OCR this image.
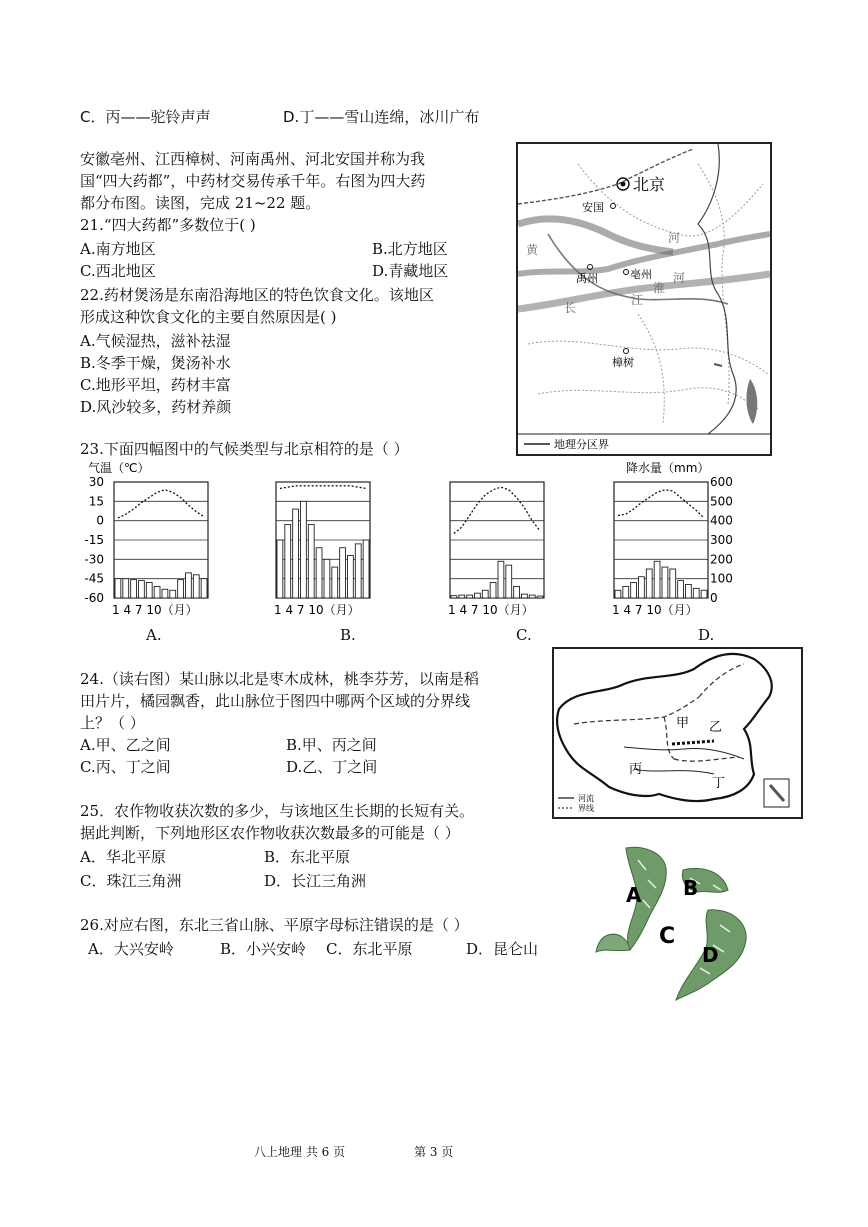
C．丙——驼铃声声	D.丁——雪山连绵，冰川广布
安徽亳州、江西樟树、河南禹州、河北安国并称为我
国“四大药都”，中药材交易传承千年。右图为四大药
都分布图。读图，完成 21~22 题。
21.“四大药都”多数位于( )
A.南方地区	B.北方地区
C.西北地区	D.青藏地区
22.药材煲汤是东南沿海地区的特色饮食文化。该地区
形成这种饮食文化的主要自然原因是( )
A.气候湿热，滋补祛湿
B.冬季干燥，煲汤补水
C.地形平坦，药材丰富
D.风沙较多，药材养颜
北京
安国
禹州	亳州
樟树
黄
河
河
长
江
淮
地理分区界
23.下面四幅图中的气候类型与北京相符的是（ ）
气温（℃）	降水量（mm）
30
15
0
-15
-30
-45
-60
600
500
400
300
200
100
0
1 4 7 10（月）	1 4 7 10（月）	1 4 7 10（月）	1 4 7 10（月）
A.	B.	C.	D.
24.（读右图）某山脉以北是枣木成林，桃李芬芳，以南是稻
田片片，橘园飘香，此山脉位于图四中哪两个区域的分界线
上？（ ）
A.甲、乙之间	B.甲、丙之间
C.丙、丁之间	D.乙、丁之间
甲 乙
丙
丁
河流
界线
25．农作物收获次数的多少，与该地区生长期的长短有关。
据此判断，下列地形区农作物收获次数最多的可能是（ ）
A．华北平原	B．东北平原
C．珠江三角洲	D．长江三角洲
26.对应右图，东北三省山脉、平原字母标注错误的是（ ）
A．大兴安岭	B．小兴安岭 C．东北平原	D．昆仑山
A B
C
D
八上地理 共 6 页	第 3 页
